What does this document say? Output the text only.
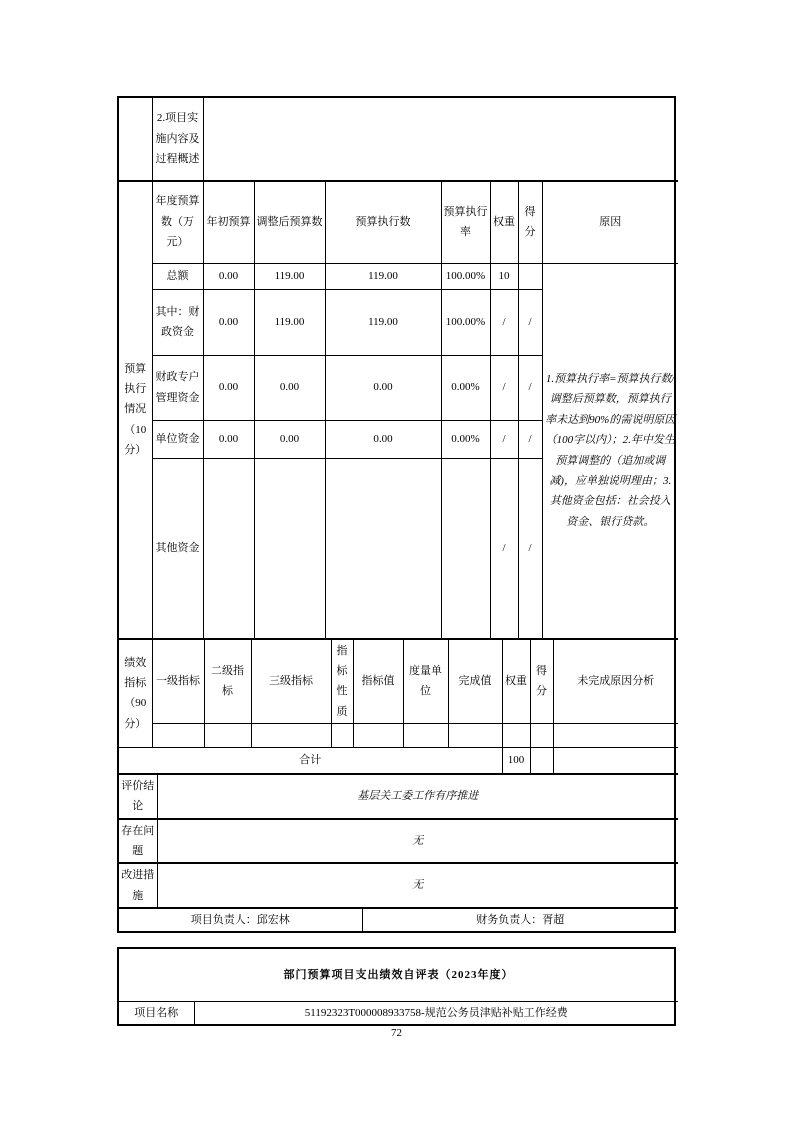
	2.项目实施内容及过程概述	
预算执行情况（10分）	年度预算数（万元）	年初预算	调整后预算数	预算执行数	预算执行率	权重	得分	原因
	总额	0.00	119.00	119.00	100.00%	10		1.预算执行率=预算执行数/调整后预算数，预算执行率未达到90%的需说明原因（100字以内）；2.年中发生预算调整的（追加或调减)，应单独说明理由；3.其他资金包括：社会投入资金、银行贷款。
	其中：财政资金	0.00	119.00	119.00	100.00%	/	/	
	财政专户管理资金	0.00	0.00	0.00	0.00%	/	/	
	单位资金	0.00	0.00	0.00	0.00%	/	/	
	其他资金					/	/	
绩效指标（90分）	一级指标	二级指标	三级指标	指标性质	指标值	度量单位	完成值	权重	得分	未完成原因分析

合计								100		
评价结论	基层关工委工作有序推进
存在问题	无
改进措施	无
项目负责人：邱宏林	财务负责人：胥超
部门预算项目支出绩效自评表（2023年度）
项目名称	51192323T000008933758-规范公务员津贴补贴工作经费
72
